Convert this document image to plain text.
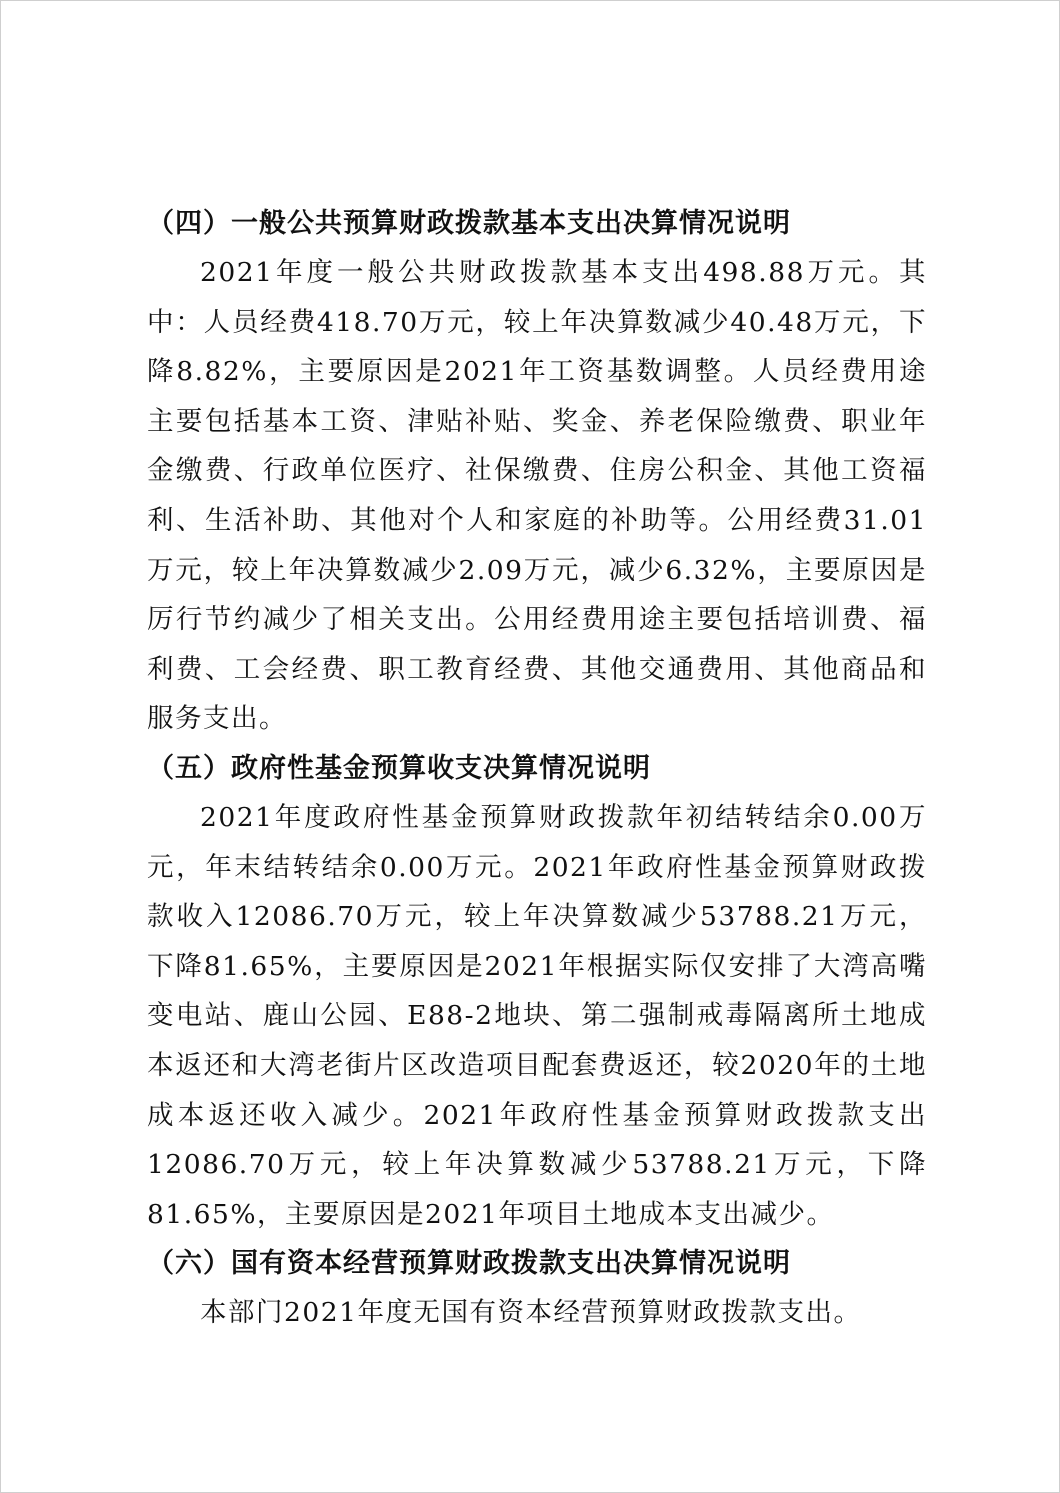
（四）一般公共预算财政拨款基本支出决算情况说明

2021年度一般公共财政拨款基本支出498.88万元。其中：人员经费418.70万元，较上年决算数减少40.48万元，下降8.82%，主要原因是2021年工资基数调整。人员经费用途主要包括基本工资、津贴补贴、奖金、养老保险缴费、职业年金缴费、行政单位医疗、社保缴费、住房公积金、其他工资福利、生活补助、其他对个人和家庭的补助等。公用经费31.01万元，较上年决算数减少2.09万元，减少6.32%，主要原因是厉行节约减少了相关支出。公用经费用途主要包括培训费、福利费、工会经费、职工教育经费、其他交通费用、其他商品和服务支出。

（五）政府性基金预算收支决算情况说明

2021年度政府性基金预算财政拨款年初结转结余0.00万元，年末结转结余0.00万元。2021年政府性基金预算财政拨款收入12086.70万元，较上年决算数减少53788.21万元，下降81.65%，主要原因是2021年根据实际仅安排了大湾高嘴变电站、鹿山公园、E88-2地块、第二强制戒毒隔离所土地成本返还和大湾老街片区改造项目配套费返还，较2020年的土地成本返还收入减少。2021年政府性基金预算财政拨款支出12086.70万元，较上年决算数减少53788.21万元，下降81.65%，主要原因是2021年项目土地成本支出减少。

（六）国有资本经营预算财政拨款支出决算情况说明

本部门2021年度无国有资本经营预算财政拨款支出。
